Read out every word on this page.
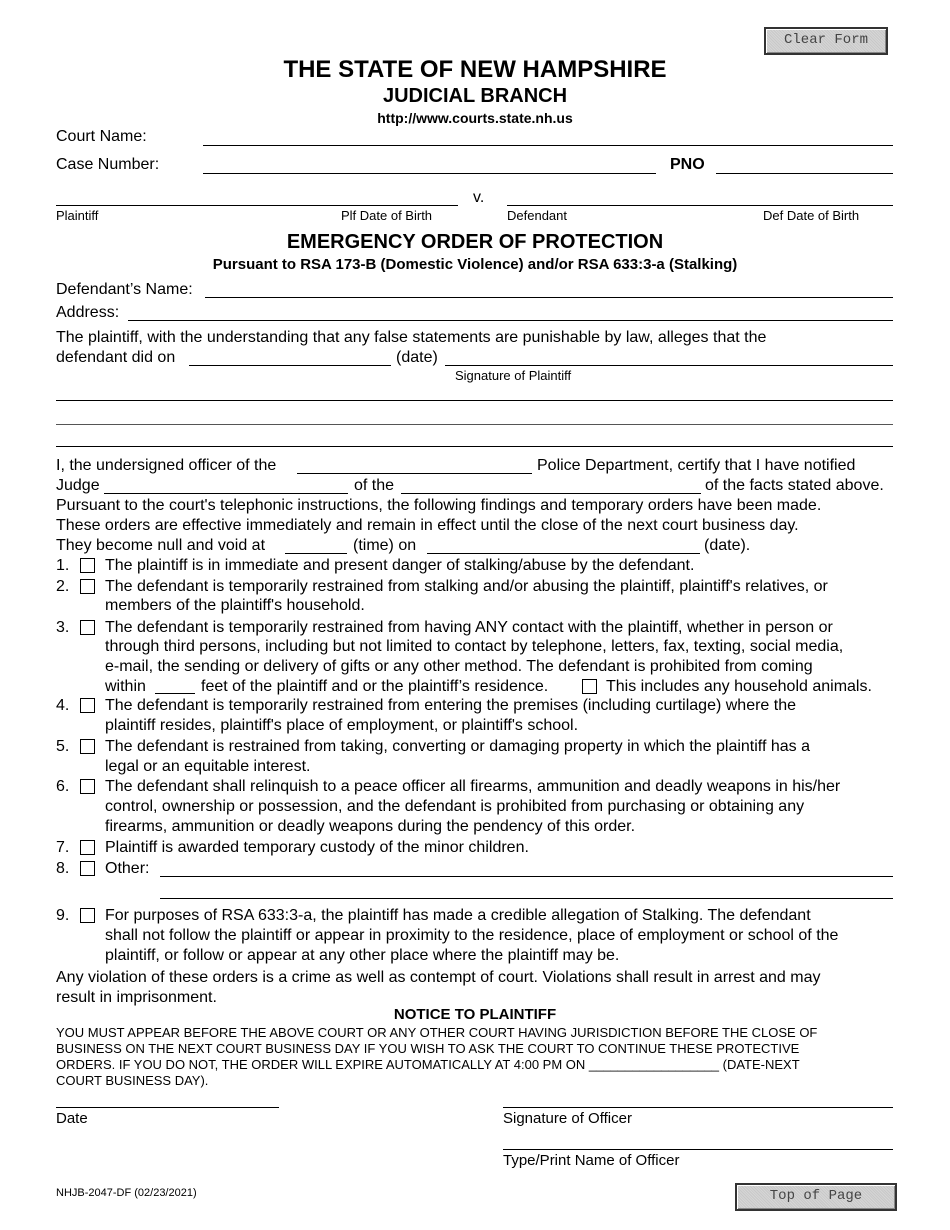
Clear Form
THE STATE OF NEW HAMPSHIRE
JUDICIAL BRANCH
http://www.courts.state.nh.us
Court Name:
Case Number:	PNO
v.
Plaintiff	Plf Date of Birth	Defendant	Def Date of Birth
EMERGENCY ORDER OF PROTECTION
Pursuant to RSA 173-B (Domestic Violence) and/or RSA 633:3-a (Stalking)
Defendant’s Name:
Address:
The plaintiff, with the understanding that any false statements are punishable by law, alleges that the
defendant did on	(date)
Signature of Plaintiff
I, the undersigned officer of the	Police Department, certify that I have notified
Judge	of the	of the facts stated above.
Pursuant to the court's telephonic instructions, the following findings and temporary orders have been made.
These orders are effective immediately and remain in effect until the close of the next court business day.
They become null and void at	(time) on	(date).
1. The plaintiff is in immediate and present danger of stalking/abuse by the defendant.
2. The defendant is temporarily restrained from stalking and/or abusing the plaintiff, plaintiff's relatives, or
members of the plaintiff's household.
3. The defendant is temporarily restrained from having ANY contact with the plaintiff, whether in person or
through third persons, including but not limited to contact by telephone, letters, fax, texting, social media,
e-mail, the sending or delivery of gifts or any other method. The defendant is prohibited from coming
within	feet of the plaintiff and or the plaintiff’s residence.	This includes any household animals.
4. The defendant is temporarily restrained from entering the premises (including curtilage) where the
plaintiff resides, plaintiff's place of employment, or plaintiff's school.
5. The defendant is restrained from taking, converting or damaging property in which the plaintiff has a
legal or an equitable interest.
6. The defendant shall relinquish to a peace officer all firearms, ammunition and deadly weapons in his/her
control, ownership or possession, and the defendant is prohibited from purchasing or obtaining any
firearms, ammunition or deadly weapons during the pendency of this order.
7. Plaintiff is awarded temporary custody of the minor children.
8. Other:
9. For purposes of RSA 633:3-a, the plaintiff has made a credible allegation of Stalking. The defendant
shall not follow the plaintiff or appear in proximity to the residence, place of employment or school of the
plaintiff, or follow or appear at any other place where the plaintiff may be.
Any violation of these orders is a crime as well as contempt of court. Violations shall result in arrest and may
result in imprisonment.
NOTICE TO PLAINTIFF
YOU MUST APPEAR BEFORE THE ABOVE COURT OR ANY OTHER COURT HAVING JURISDICTION BEFORE THE CLOSE OF
BUSINESS ON THE NEXT COURT BUSINESS DAY IF YOU WISH TO ASK THE COURT TO CONTINUE THESE PROTECTIVE
ORDERS. IF YOU DO NOT, THE ORDER WILL EXPIRE AUTOMATICALLY AT 4:00 PM ON __________________ (DATE-NEXT
COURT BUSINESS DAY).
Date	Signature of Officer
Type/Print Name of Officer
NHJB-2047-DF (02/23/2021)	Top of Page
